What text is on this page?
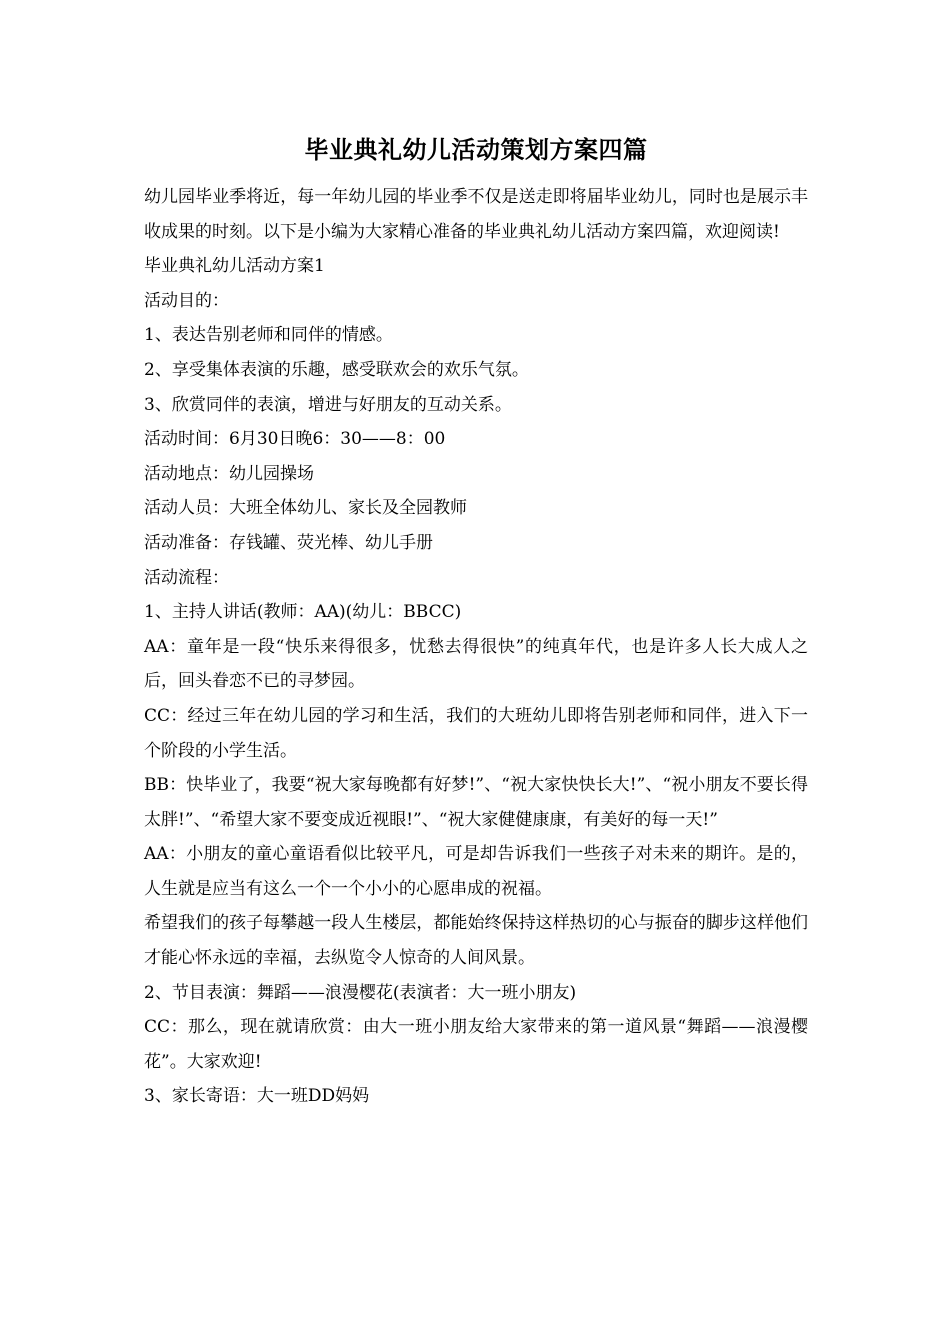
毕业典礼幼儿活动策划方案四篇

幼儿园毕业季将近，每一年幼儿园的毕业季不仅是送走即将届毕业幼儿，同时也是展示丰收成果的时刻。以下是小编为大家精心准备的毕业典礼幼儿活动方案四篇，欢迎阅读!

毕业典礼幼儿活动方案1

活动目的：

1、表达告别老师和同伴的情感。

2、享受集体表演的乐趣，感受联欢会的欢乐气氛。

3、欣赏同伴的表演，增进与好朋友的互动关系。

活动时间：6月30日晚6：30——8：00

活动地点：幼儿园操场

活动人员：大班全体幼儿、家长及全园教师

活动准备：存钱罐、荧光棒、幼儿手册

活动流程：

1、主持人讲话(教师：AA)(幼儿：BBCC)

AA：童年是一段“快乐来得很多，忧愁去得很快”的纯真年代，也是许多人长大成人之后，回头眷恋不已的寻梦园。

CC：经过三年在幼儿园的学习和生活，我们的大班幼儿即将告别老师和同伴，进入下一个阶段的小学生活。

BB：快毕业了，我要“祝大家每晚都有好梦!”、“祝大家快快长大!”、“祝小朋友不要长得太胖!”、“希望大家不要变成近视眼!”、“祝大家健健康康，有美好的每一天!”

AA：小朋友的童心童语看似比较平凡，可是却告诉我们一些孩子对未来的期许。是的，人生就是应当有这么一个一个小小的心愿串成的祝福。

希望我们的孩子每攀越一段人生楼层，都能始终保持这样热切的心与振奋的脚步这样他们才能心怀永远的幸福，去纵览令人惊奇的人间风景。

2、节目表演：舞蹈——浪漫樱花(表演者：大一班小朋友)

CC：那么，现在就请欣赏：由大一班小朋友给大家带来的第一道风景“舞蹈——浪漫樱花”。大家欢迎!

3、家长寄语：大一班DD妈妈
